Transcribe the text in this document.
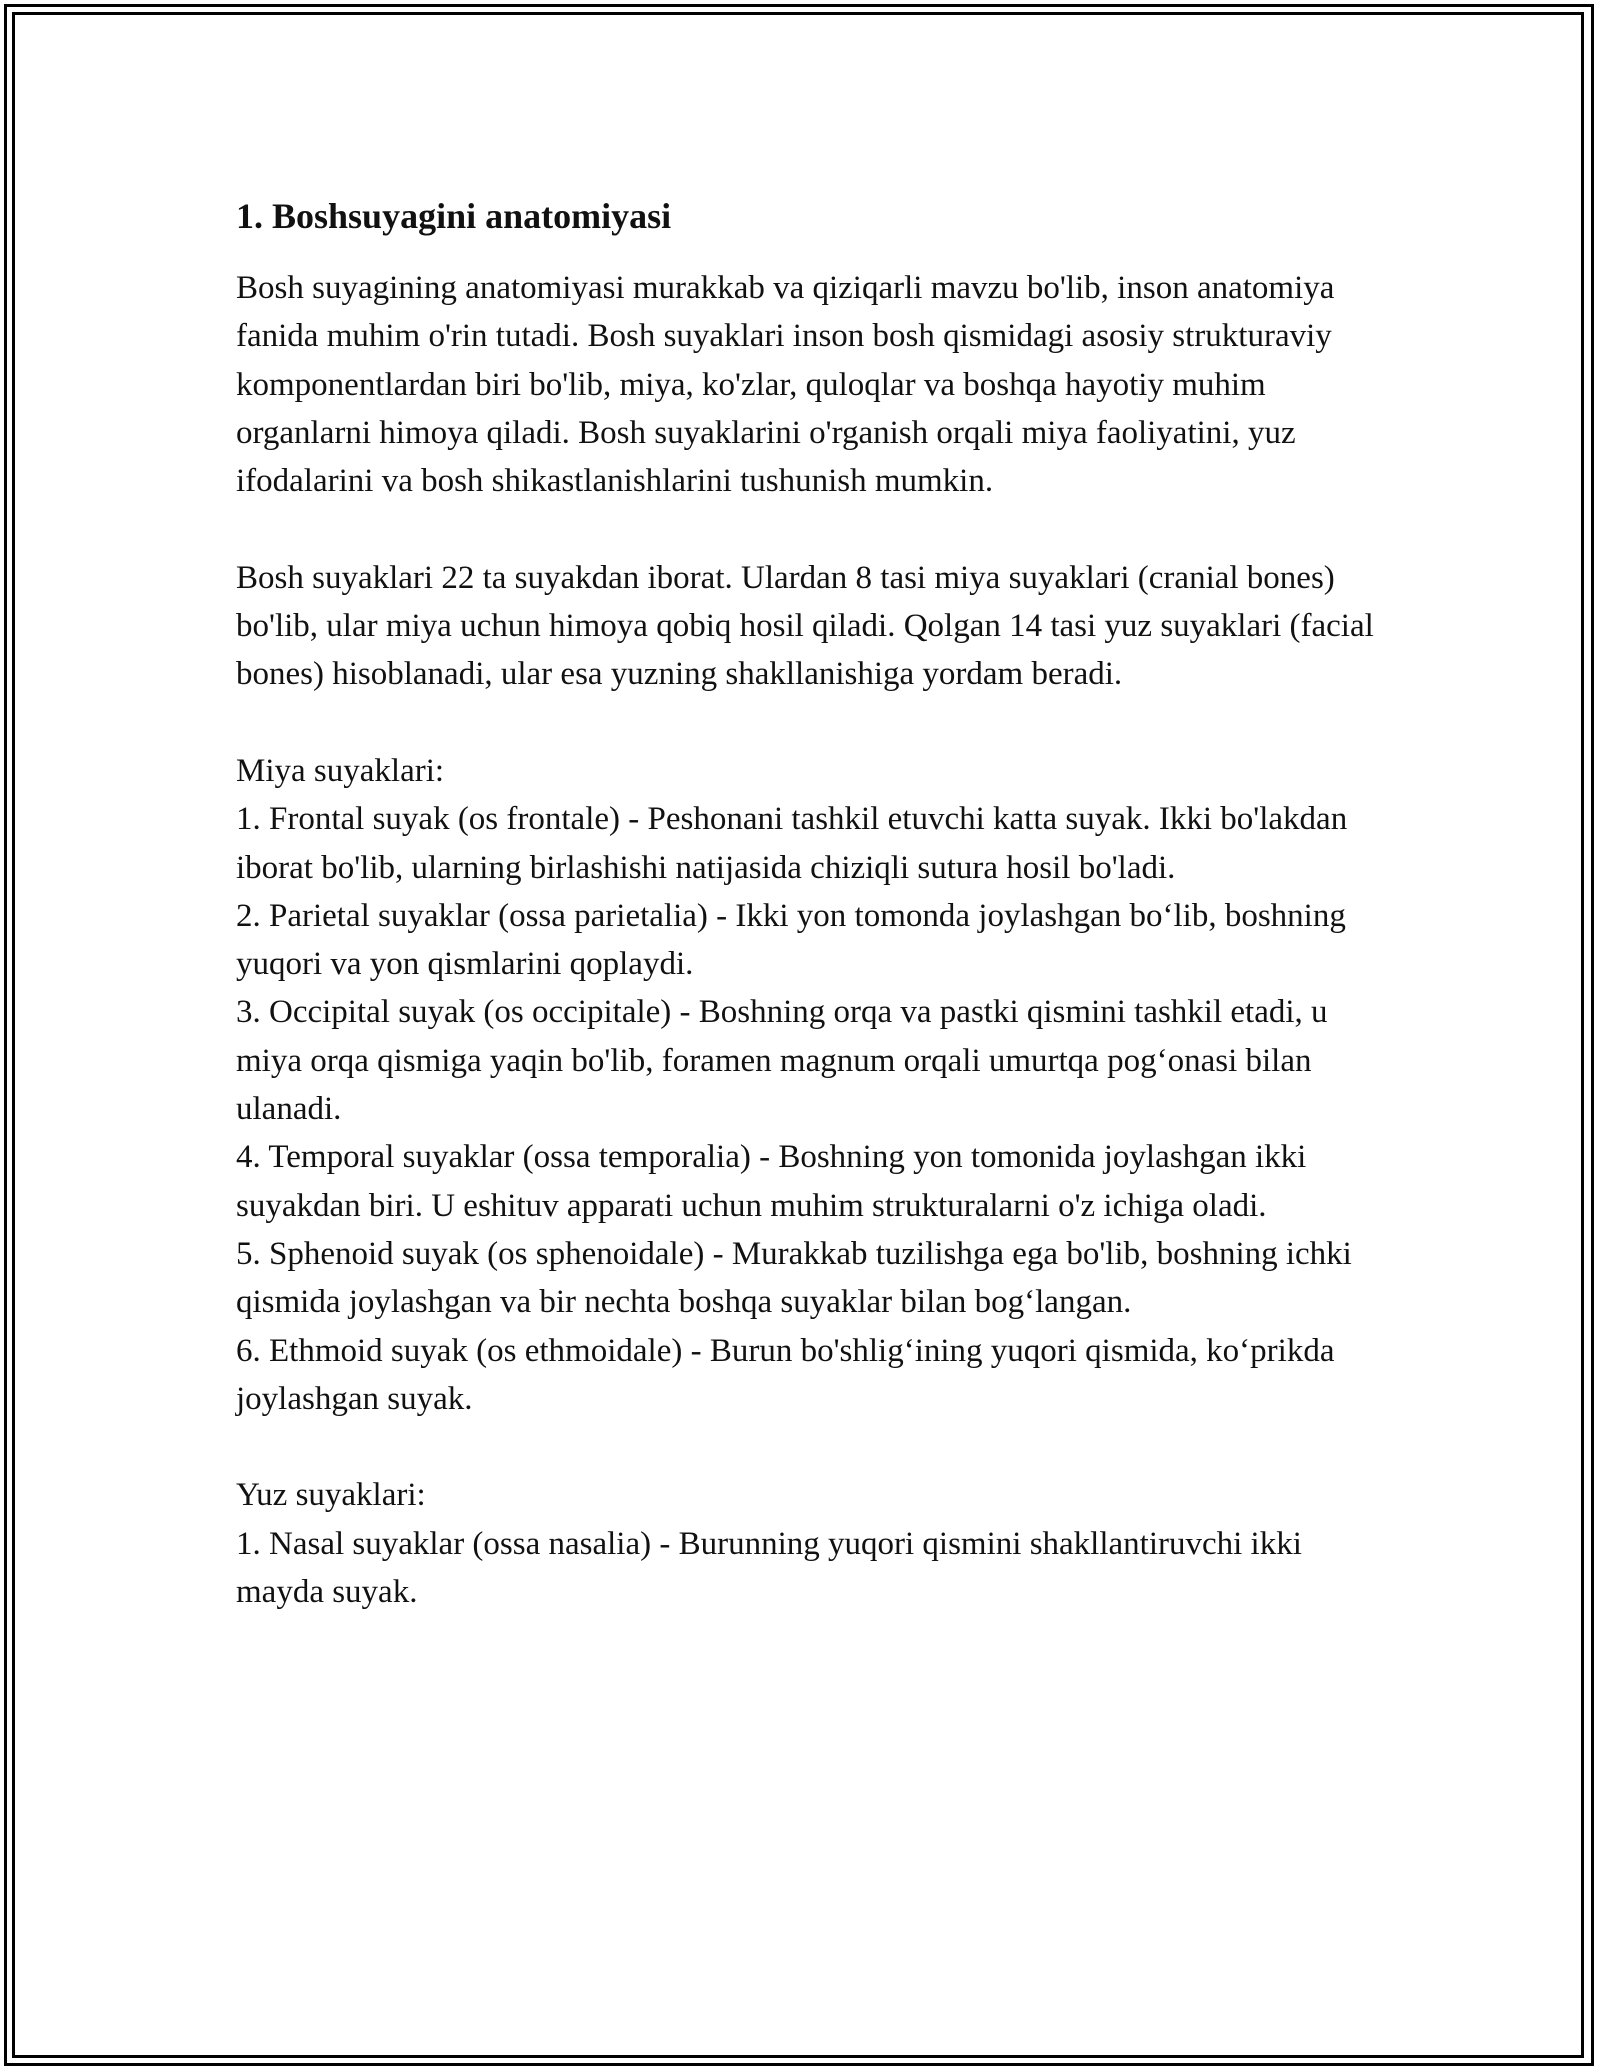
1. Boshsuyagini anatomiyasi

Bosh suyagining anatomiyasi murakkab va qiziqarli mavzu bo'lib, inson anatomiya fanida muhim o'rin tutadi. Bosh suyaklari inson bosh qismidagi asosiy strukturaviy komponentlardan biri bo'lib, miya, ko'zlar, quloqlar va boshqa hayotiy muhim organlarni himoya qiladi. Bosh suyaklarini o'rganish orqali miya faoliyatini, yuz ifodalarini va bosh shikastlanishlarini tushunish mumkin.

Bosh suyaklari 22 ta suyakdan iborat. Ulardan 8 tasi miya suyaklari (cranial bones) bo'lib, ular miya uchun himoya qobiq hosil qiladi. Qolgan 14 tasi yuz suyaklari (facial bones) hisoblanadi, ular esa yuzning shakllanishiga yordam beradi.

Miya suyaklari:

1. Frontal suyak (os frontale) - Peshonani tashkil etuvchi katta suyak. Ikki bo'lakdan iborat bo'lib, ularning birlashishi natijasida chiziqli sutura hosil bo'ladi.

2. Parietal suyaklar (ossa parietalia) - Ikki yon tomonda joylashgan bo‘lib, boshning yuqori va yon qismlarini qoplaydi.

3. Occipital suyak (os occipitale) - Boshning orqa va pastki qismini tashkil etadi, u miya orqa qismiga yaqin bo'lib, foramen magnum orqali umurtqa pog‘onasi bilan ulanadi.

4. Temporal suyaklar (ossa temporalia) - Boshning yon tomonida joylashgan ikki suyakdan biri. U eshituv apparati uchun muhim strukturalarni o'z ichiga oladi.

5. Sphenoid suyak (os sphenoidale) - Murakkab tuzilishga ega bo'lib, boshning ichki qismida joylashgan va bir nechta boshqa suyaklar bilan bog‘langan.

6. Ethmoid suyak (os ethmoidale) - Burun bo'shlig‘ining yuqori qismida, ko‘prikda joylashgan suyak.

Yuz suyaklari:

1. Nasal suyaklar (ossa nasalia) - Burunning yuqori qismini shakllantiruvchi ikki mayda suyak.
